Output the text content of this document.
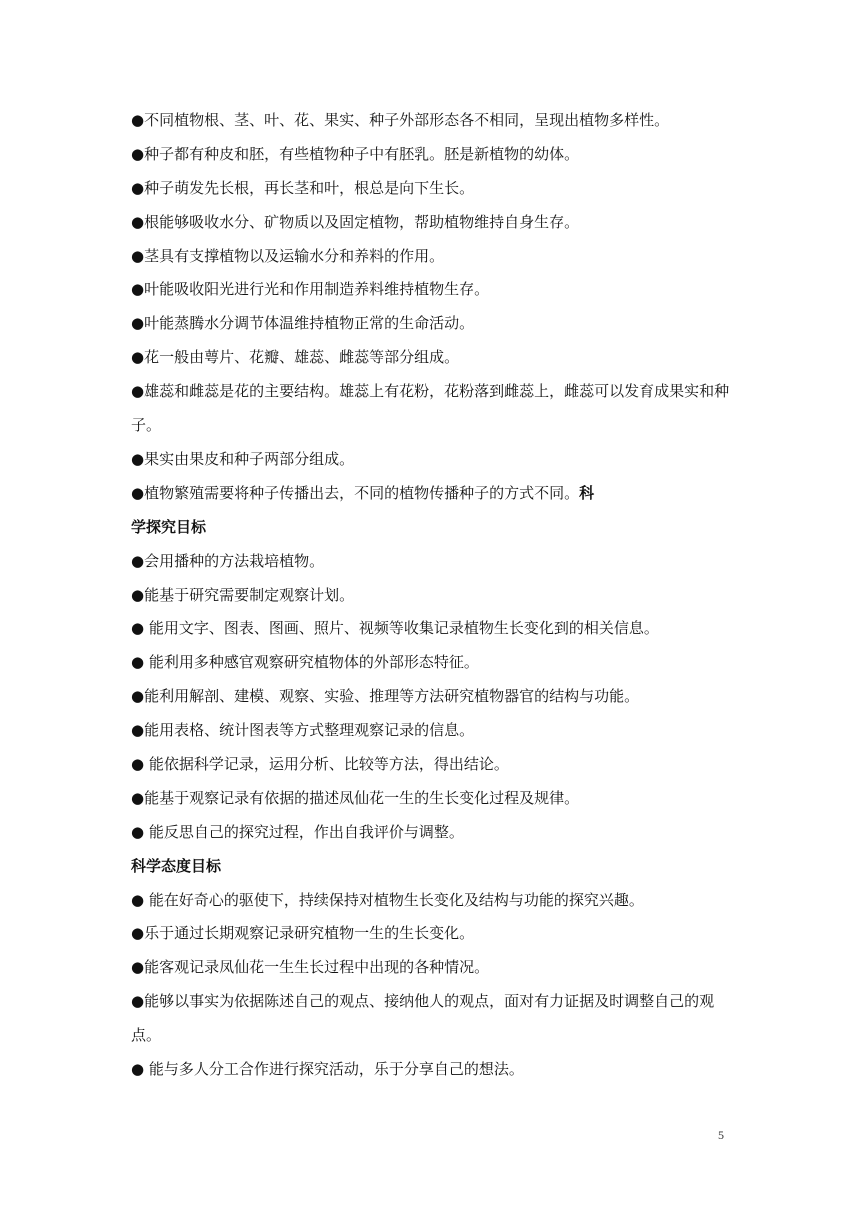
●不同植物根、茎、叶、花、果实、种子外部形态各不相同，呈现出植物多样性。
●种子都有种皮和胚，有些植物种子中有胚乳。胚是新植物的幼体。
●种子萌发先长根，再长茎和叶，根总是向下生长。
●根能够吸收水分、矿物质以及固定植物，帮助植物维持自身生存。
●茎具有支撑植物以及运输水分和养料的作用。
●叶能吸收阳光进行光和作用制造养料维持植物生存。
●叶能蒸腾水分调节体温维持植物正常的生命活动。
●花一般由萼片、花瓣、雄蕊、雌蕊等部分组成。
●雄蕊和雌蕊是花的主要结构。雄蕊上有花粉，花粉落到雌蕊上，雌蕊可以发育成果实和种子。
●果实由果皮和种子两部分组成。
●植物繁殖需要将种子传播出去，不同的植物传播种子的方式不同。科
学探究目标
●会用播种的方法栽培植物。
●能基于研究需要制定观察计划。
● 能用文字、图表、图画、照片、视频等收集记录植物生长变化到的相关信息。
● 能利用多种感官观察研究植物体的外部形态特征。
●能利用解剖、建模、观察、实验、推理等方法研究植物器官的结构与功能。
●能用表格、统计图表等方式整理观察记录的信息。
● 能依据科学记录，运用分析、比较等方法，得出结论。
●能基于观察记录有依据的描述凤仙花一生的生长变化过程及规律。
● 能反思自己的探究过程，作出自我评价与调整。
科学态度目标
● 能在好奇心的驱使下，持续保持对植物生长变化及结构与功能的探究兴趣。
●乐于通过长期观察记录研究植物一生的生长变化。
●能客观记录凤仙花一生生长过程中出现的各种情况。
●能够以事实为依据陈述自己的观点、接纳他人的观点，面对有力证据及时调整自己的观点。
● 能与多人分工合作进行探究活动，乐于分享自己的想法。
5
